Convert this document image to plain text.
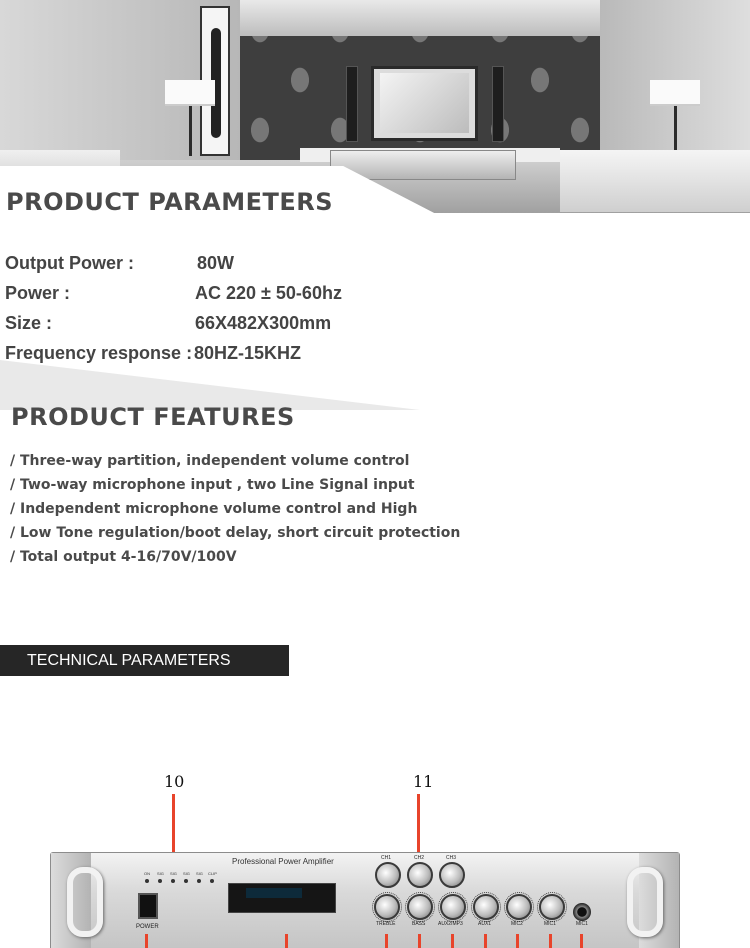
PRODUCT PARAMETERS
Output Power :	80W
Power :	AC 220 ± 50-60hz
Size :	66X482X300mm
Frequency response : 80HZ-15KHZ
PRODUCT FEATURES
/ Three-way partition, independent volume control
/ Two-way microphone input , two Line Signal input
/ Independent microphone volume control and High
/ Low Tone regulation/boot delay, short circuit protection
/ Total output 4-16/70V/100V
TECHNICAL PARAMETERS
10	11
Professional Power Amplifier
ON SIG SIG SIG SIG CLIP
POWER
CH1	CH2	CH3
TREBLE	BASS	AUX2/MP3	AUX1	MIC2	MIC1	MIC1
